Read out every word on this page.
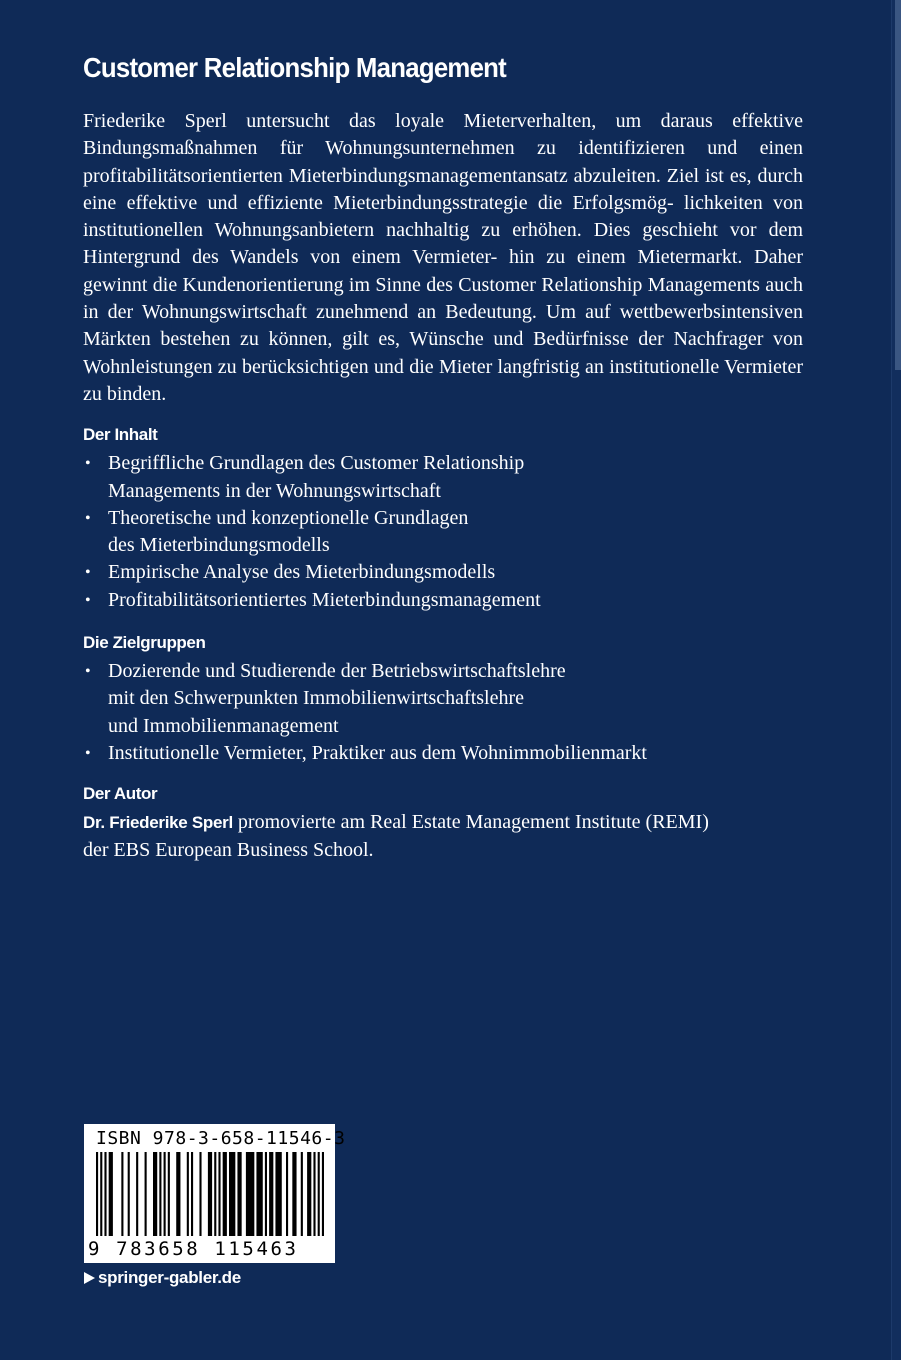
Customer Relationship Management

Friederike Sperl untersucht das loyale Mieterverhalten, um daraus effektive Bindungsmaßnahmen für Wohnungsunternehmen zu identifizieren und einen profitabilitätsorientierten Mieterbindungsmanagementansatz abzuleiten. Ziel ist es, durch eine effektive und effiziente Mieterbindungsstrategie die Erfolgsmög- lichkeiten von institutionellen Wohnungsanbietern nachhaltig zu erhöhen. Dies geschieht vor dem Hintergrund des Wandels von einem Vermieter- hin zu einem Mietermarkt. Daher gewinnt die Kundenorientierung im Sinne des Customer Relationship Managements auch in der Wohnungswirtschaft zunehmend an Bedeutung. Um auf wettbewerbsintensiven Märkten bestehen zu können, gilt es, Wünsche und Bedürfnisse der Nachfrager von Wohnleistungen zu berücksichtigen und die Mieter langfristig an institutionelle Vermieter zu binden.

Der Inhalt
• Begriffliche Grundlagen des Customer Relationship
Managements in der Wohnungswirtschaft
• Theoretische und konzeptionelle Grundlagen
des Mieterbindungsmodells
• Empirische Analyse des Mieterbindungsmodells
• Profitabilitätsorientiertes Mieterbindungsmanagement
Die Zielgruppen
• Dozierende und Studierende der Betriebswirtschaftslehre
mit den Schwerpunkten Immobilienwirtschaftslehre
und Immobilienmanagement
• Institutionelle Vermieter, Praktiker aus dem Wohnimmobilienmarkt
Der Autor

Dr. Friederike Sperl promovierte am Real Estate Management Institute (REMI)
der EBS European Business School.

ISBN 978-3-658-11546-3
9 783658 115463
springer-gabler.de
